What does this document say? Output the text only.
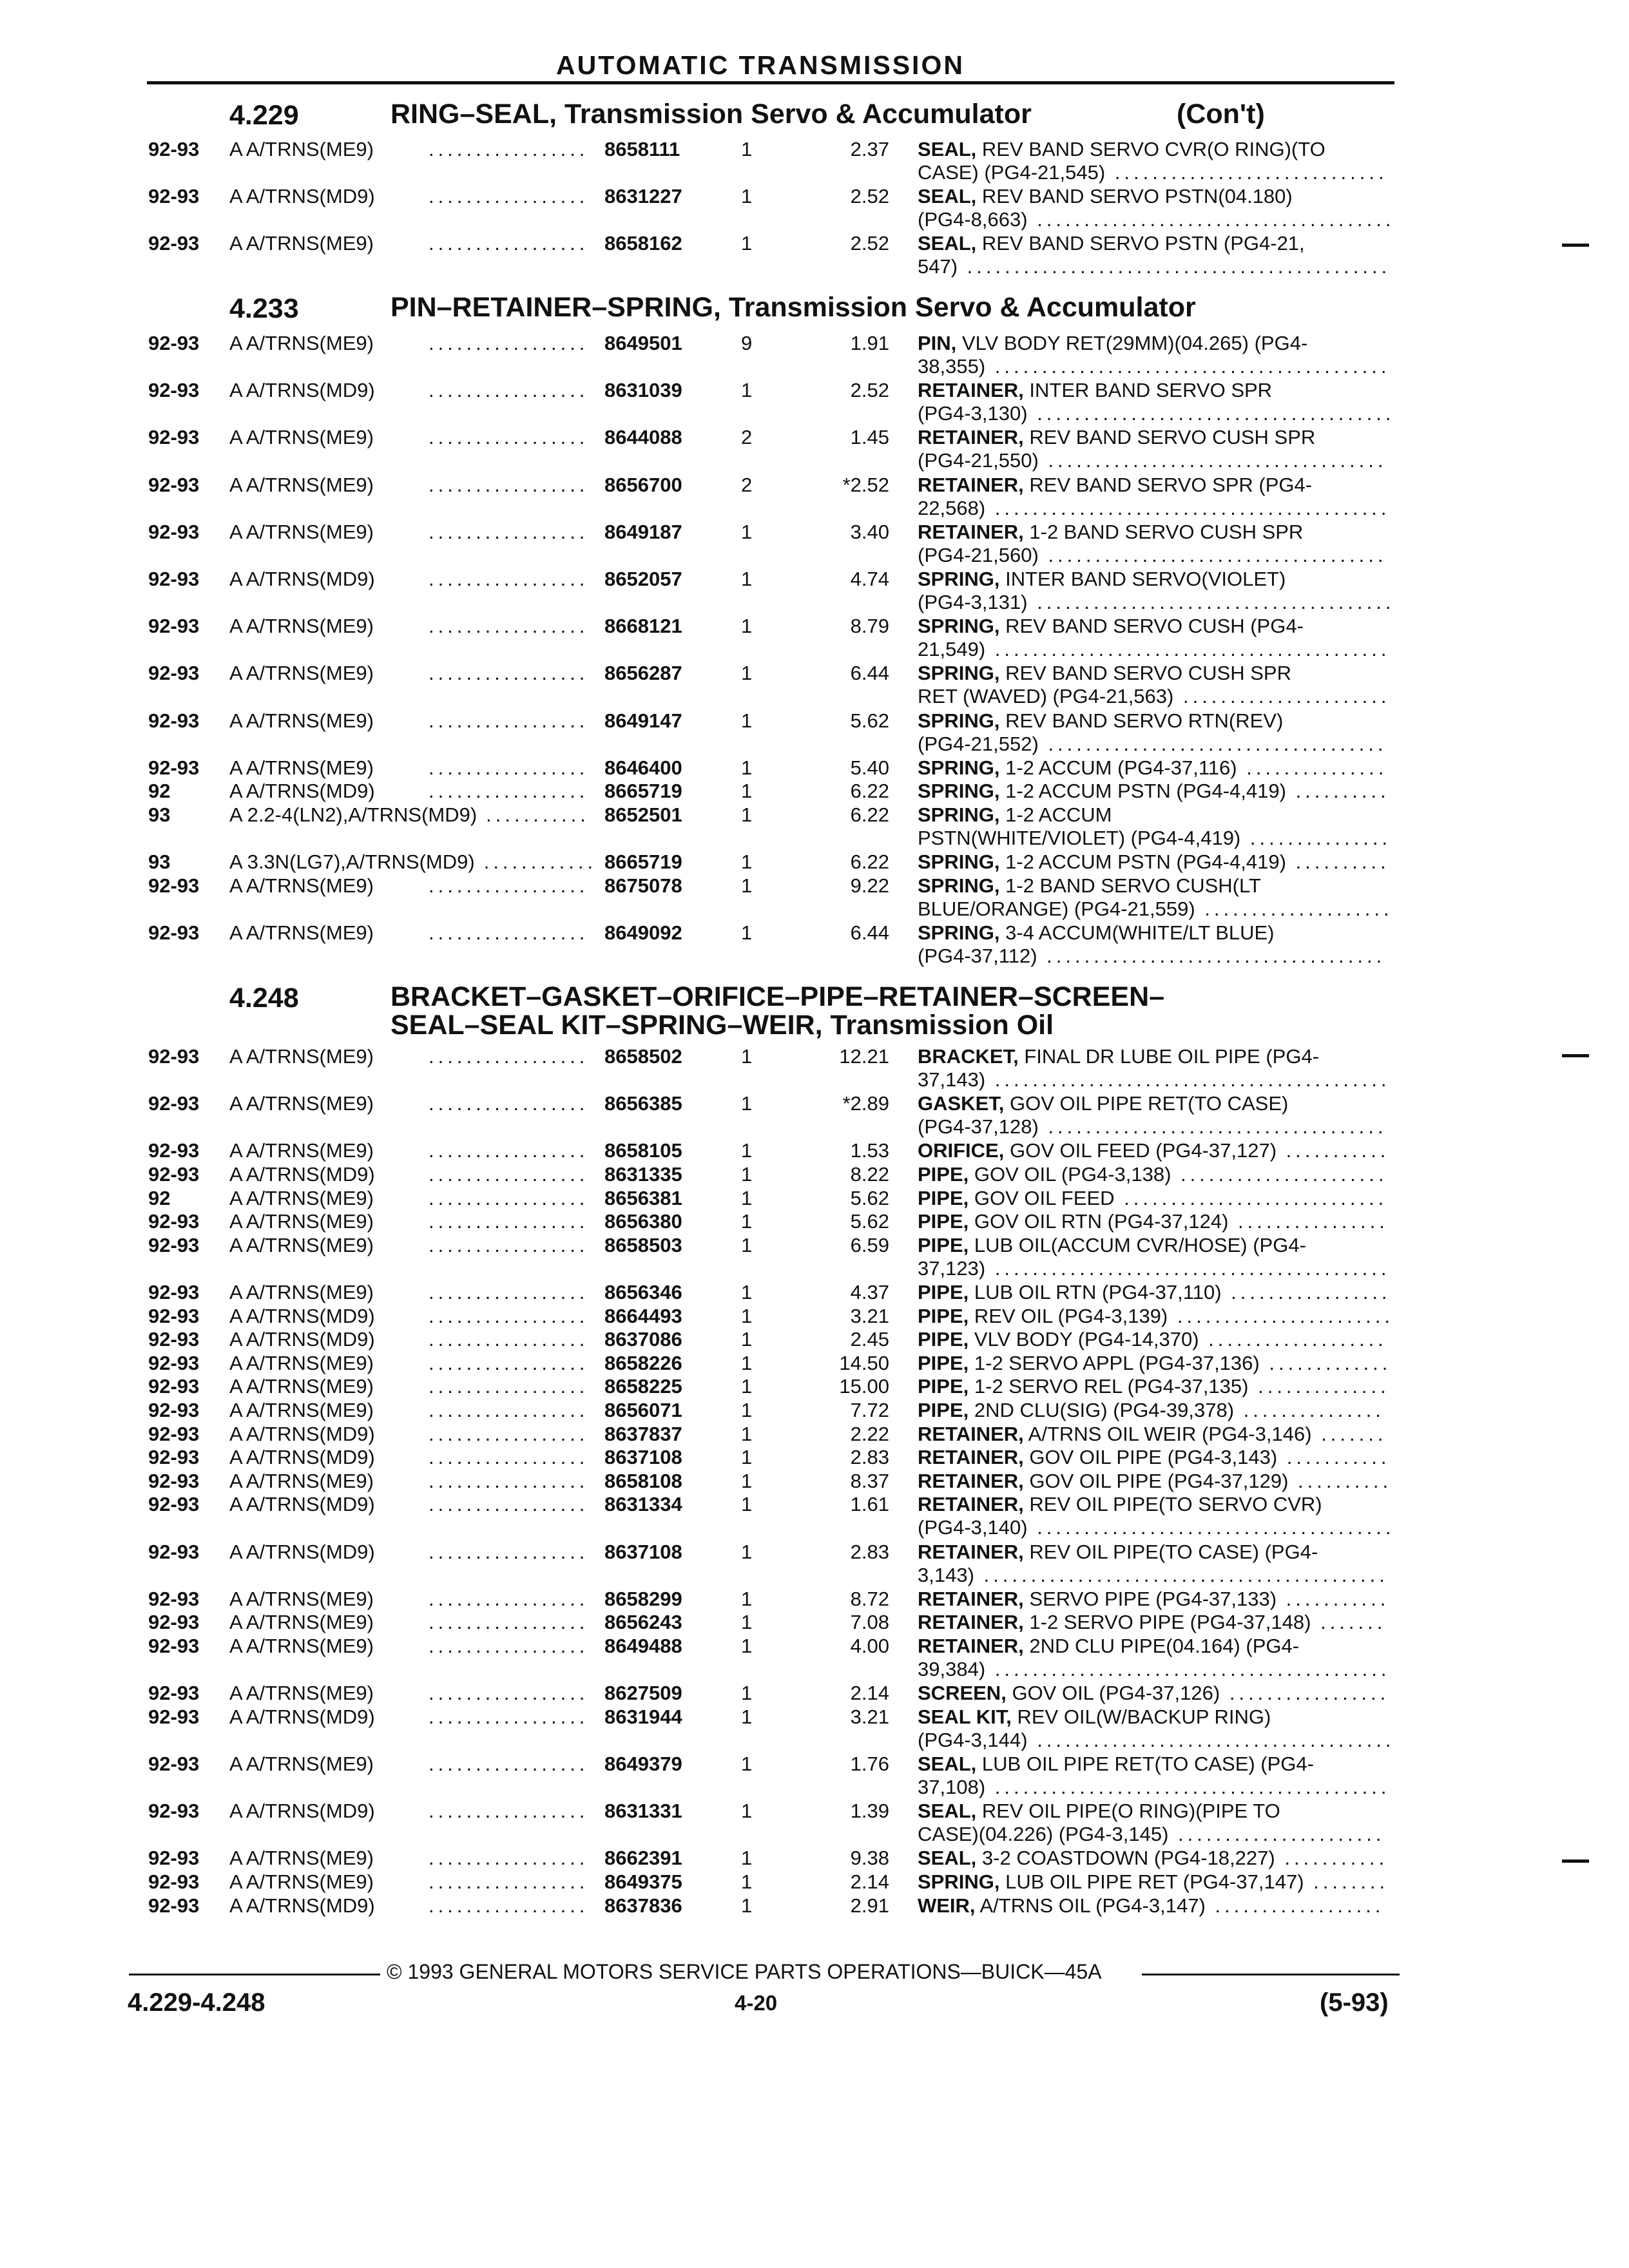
AUTOMATIC TRANSMISSION
4.229	RING–SEAL, Transmission Servo & Accumulator	(Con't)
92-93 A A/TRNS(ME9)	................. 8658111	1	2.37 SEAL, REV BAND SERVO CVR(O RING)(TO
CASE) (PG4-21,545) .............................
92-93 A A/TRNS(MD9)	................. 8631227	1	2.52 SEAL, REV BAND SERVO PSTN(04.180)
(PG4-8,663) ......................................
92-93 A A/TRNS(ME9)	................. 8658162	1	2.52 SEAL, REV BAND SERVO PSTN (PG4-21,
547) .............................................
4.233	PIN–RETAINER–SPRING, Transmission Servo & Accumulator
92-93 A A/TRNS(ME9)	................. 8649501	9	1.91 PIN, VLV BODY RET(29MM)(04.265) (PG4-
38,355) ..........................................
92-93 A A/TRNS(MD9)	................. 8631039	1	2.52 RETAINER, INTER BAND SERVO SPR
(PG4-3,130) ......................................
92-93 A A/TRNS(ME9)	................. 8644088	2	1.45 RETAINER, REV BAND SERVO CUSH SPR
(PG4-21,550) ....................................
92-93 A A/TRNS(ME9)	................. 8656700	2	*2.52 RETAINER, REV BAND SERVO SPR (PG4-
22,568) ..........................................
92-93 A A/TRNS(ME9)	................. 8649187	1	3.40 RETAINER, 1-2 BAND SERVO CUSH SPR
(PG4-21,560) ....................................
92-93 A A/TRNS(MD9)	................. 8652057	1	4.74 SPRING, INTER BAND SERVO(VIOLET)
(PG4-3,131) ......................................
92-93 A A/TRNS(ME9)	................. 8668121	1	8.79 SPRING, REV BAND SERVO CUSH (PG4-
21,549) ..........................................
92-93 A A/TRNS(ME9)	................. 8656287	1	6.44 SPRING, REV BAND SERVO CUSH SPR
RET (WAVED) (PG4-21,563) ......................
92-93 A A/TRNS(ME9)	................. 8649147	1	5.62 SPRING, REV BAND SERVO RTN(REV)
(PG4-21,552) ....................................
92-93 A A/TRNS(ME9)	................. 8646400	1	5.40 SPRING, 1-2 ACCUM (PG4-37,116) ...............
92	A A/TRNS(MD9)	................. 8665719	1	6.22 SPRING, 1-2 ACCUM PSTN (PG4-4,419) ..........
93	A 2.2-4(LN2),A/TRNS(MD9) ........... 8652501	1	6.22 SPRING, 1-2 ACCUM
PSTN(WHITE/VIOLET) (PG4-4,419) ...............
93	A 3.3N(LG7),A/TRNS(MD9) ............ 8665719	1	6.22 SPRING, 1-2 ACCUM PSTN (PG4-4,419) ..........
92-93 A A/TRNS(ME9)	................. 8675078	1	9.22 SPRING, 1-2 BAND SERVO CUSH(LT
BLUE/ORANGE) (PG4-21,559) ....................
92-93 A A/TRNS(ME9)	................. 8649092	1	6.44 SPRING, 3-4 ACCUM(WHITE/LT BLUE)
(PG4-37,112) ....................................
4.248	BRACKET–GASKET–ORIFICE–PIPE–RETAINER–SCREEN–
SEAL–SEAL KIT–SPRING–WEIR, Transmission Oil
92-93 A A/TRNS(ME9)	................. 8658502	1	12.21 BRACKET, FINAL DR LUBE OIL PIPE (PG4-
37,143) ..........................................
92-93 A A/TRNS(ME9)	................. 8656385	1	*2.89 GASKET, GOV OIL PIPE RET(TO CASE)
(PG4-37,128) ....................................
92-93 A A/TRNS(ME9)	................. 8658105	1	1.53 ORIFICE, GOV OIL FEED (PG4-37,127) ...........
92-93 A A/TRNS(MD9)	................. 8631335	1	8.22 PIPE, GOV OIL (PG4-3,138) ......................
92	A A/TRNS(ME9)	................. 8656381	1	5.62 PIPE, GOV OIL FEED ............................
92-93 A A/TRNS(ME9)	................. 8656380	1	5.62 PIPE, GOV OIL RTN (PG4-37,124) ................
92-93 A A/TRNS(ME9)	................. 8658503	1	6.59 PIPE, LUB OIL(ACCUM CVR/HOSE) (PG4-
37,123) ..........................................
92-93 A A/TRNS(ME9)	................. 8656346	1	4.37 PIPE, LUB OIL RTN (PG4-37,110) .................
92-93 A A/TRNS(MD9)	................. 8664493	1	3.21 PIPE, REV OIL (PG4-3,139) .......................
92-93 A A/TRNS(MD9)	................. 8637086	1	2.45 PIPE, VLV BODY (PG4-14,370) ...................
92-93 A A/TRNS(ME9)	................. 8658226	1	14.50 PIPE, 1-2 SERVO APPL (PG4-37,136) .............
92-93 A A/TRNS(ME9)	................. 8658225	1	15.00 PIPE, 1-2 SERVO REL (PG4-37,135) ..............
92-93 A A/TRNS(ME9)	................. 8656071	1	7.72 PIPE, 2ND CLU(SIG) (PG4-39,378) ...............
92-93 A A/TRNS(MD9)	................. 8637837	1	2.22 RETAINER, A/TRNS OIL WEIR (PG4-3,146) .......
92-93 A A/TRNS(MD9)	................. 8637108	1	2.83 RETAINER, GOV OIL PIPE (PG4-3,143) ...........
92-93 A A/TRNS(ME9)	................. 8658108	1	8.37 RETAINER, GOV OIL PIPE (PG4-37,129) ..........
92-93 A A/TRNS(MD9)	................. 8631334	1	1.61 RETAINER, REV OIL PIPE(TO SERVO CVR)
(PG4-3,140) ......................................
92-93 A A/TRNS(MD9)	................. 8637108	1	2.83 RETAINER, REV OIL PIPE(TO CASE) (PG4-
3,143) ...........................................
92-93 A A/TRNS(ME9)	................. 8658299	1	8.72 RETAINER, SERVO PIPE (PG4-37,133) ...........
92-93 A A/TRNS(ME9)	................. 8656243	1	7.08 RETAINER, 1-2 SERVO PIPE (PG4-37,148) .......
92-93 A A/TRNS(ME9)	................. 8649488	1	4.00 RETAINER, 2ND CLU PIPE(04.164) (PG4-
39,384) ..........................................
92-93 A A/TRNS(ME9)	................. 8627509	1	2.14 SCREEN, GOV OIL (PG4-37,126) .................
92-93 A A/TRNS(MD9)	................. 8631944	1	3.21 SEAL KIT, REV OIL(W/BACKUP RING)
(PG4-3,144) ......................................
92-93 A A/TRNS(ME9)	................. 8649379	1	1.76 SEAL, LUB OIL PIPE RET(TO CASE) (PG4-
37,108) ..........................................
92-93 A A/TRNS(MD9)	................. 8631331	1	1.39 SEAL, REV OIL PIPE(O RING)(PIPE TO
CASE)(04.226) (PG4-3,145) ......................
92-93 A A/TRNS(ME9)	................. 8662391	1	9.38 SEAL, 3-2 COASTDOWN (PG4-18,227) ...........
92-93 A A/TRNS(ME9)	................. 8649375	1	2.14 SPRING, LUB OIL PIPE RET (PG4-37,147) ........
92-93 A A/TRNS(MD9)	................. 8637836	1	2.91 WEIR, A/TRNS OIL (PG4-3,147) ..................
© 1993 GENERAL MOTORS SERVICE PARTS OPERATIONS—BUICK—45A
4.229-4.248	4-20	(5-93)
